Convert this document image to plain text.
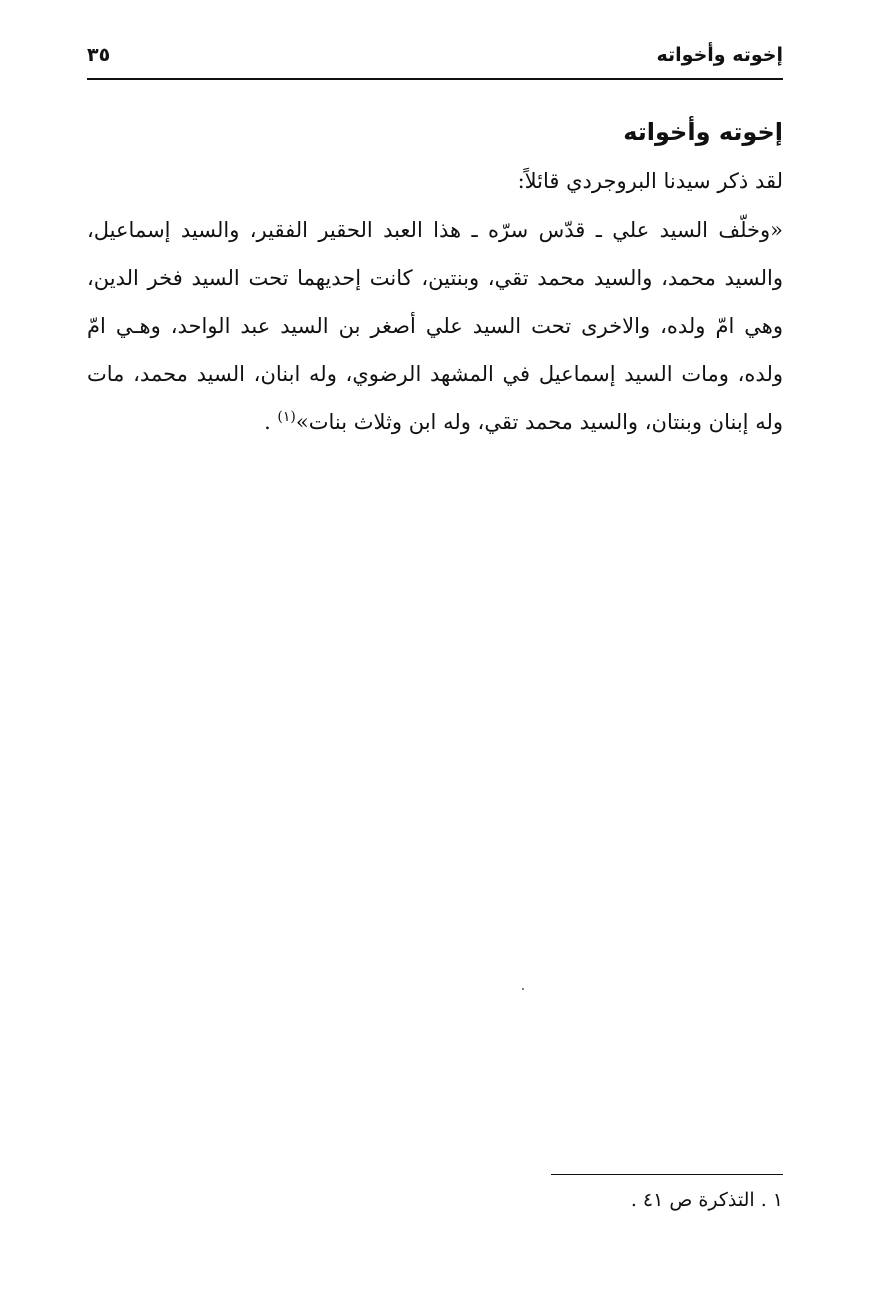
إخوته وأخواته
٣٥
إخوته وأخواته

لقد ذكر سيدنا البروجردي قائلاً:

«وخلّف السيد علي ـ قدّس سرّه ـ هذا العبد الحقير الفقير، والسيد إسماعيل، والسيد محمد، والسيد محمد تقي، وبنتين، كانت إحديهما تحت السيد فخر الدين، وهي امّ ولده، والاخرى تحت السيد علي أصغر بن السيد عبد الواحد، وهـي امّ ولده، ومات السيد إسماعيل في المشهد الرضوي، وله ابنان، السيد محمد، مات وله إبنان وبنتان، والسيد محمد تقي، وله ابن وثلاث بنات»$^{(١)}$ .

١ . التذكرة ص ٤١ .
